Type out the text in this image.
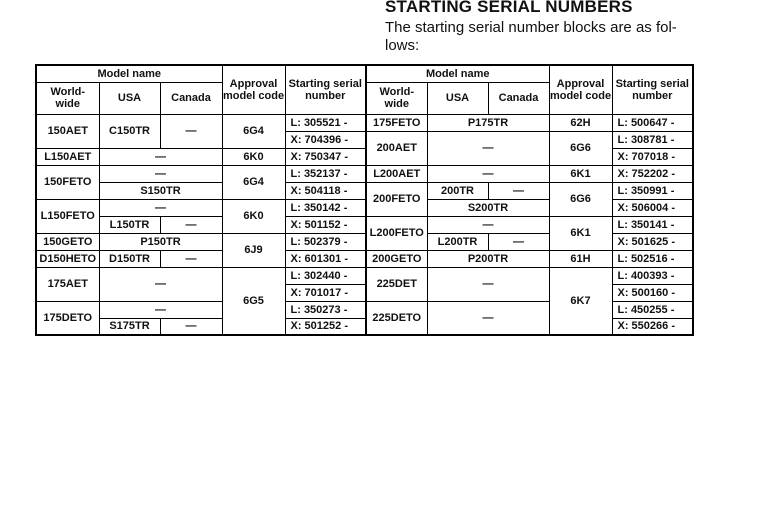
STARTING SERIAL NUMBERS
The starting serial number blocks are as fol- lows:
Model name			Approval model code	Starting serial number	Model name			Approval model code	Starting serial number
World- wide	USA	Canada			World- wide	USA	Canada		
150AET	C150TR	—	6G4	L: 305521 -	175FETO	P175TR		62H	L: 500647 -
				X: 704396 -	200AET	—		6G6	L: 308781 -
L150AET	—		6K0	X: 750347 -					X: 707018 -
150FETO	—		6G4	L: 352137 -	L200AET	—		6K1	X: 752202 -
	S150TR			X: 504118 -	200FETO	200TR	—	6G6	L: 350991 -
L150FETO	—		6K0	L: 350142 -		S200TR			X: 506004 -
	L150TR	—		X: 501152 -	L200FETO	—		6K1	L: 350141 -
150GETO	P150TR		6J9	L: 502379 -		L200TR	—		X: 501625 -
D150HETO	D150TR	—		X: 601301 -	200GETO	P200TR		61H	L: 502516 -
175AET	—		6G5	L: 302440 -	225DET	—		6K7	L: 400393 -
				X: 701017 -					X: 500160 -
175DETO	—			L: 350273 -	225DETO	—			L: 450255 -
	S175TR	—		X: 501252 -					X: 550266 -
